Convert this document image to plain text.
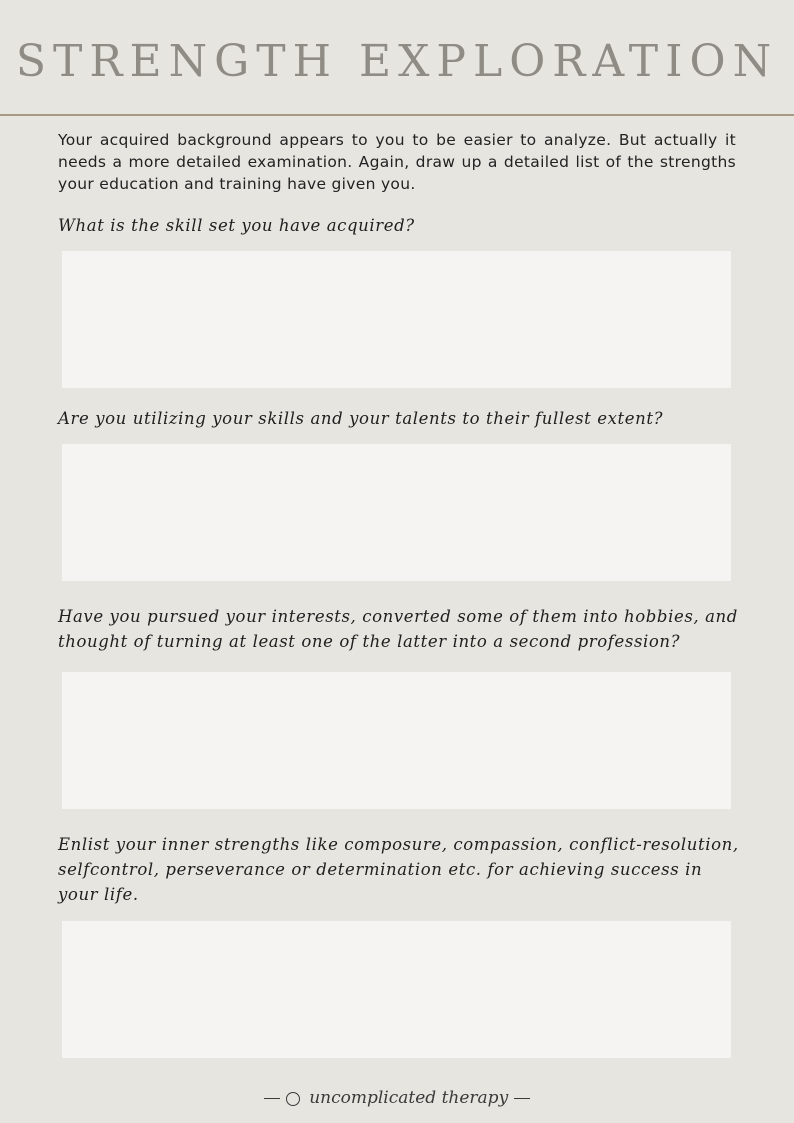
STRENGTH EXPLORATION

Your acquired background appears to you to be easier to analyze. But actually it needs a more detailed examination. Again, draw up a detailed list of the strengths your education and training have given you.

What is the skill set you have acquired?

Are you utilizing your skills and your talents to their fullest extent?

Have you pursued your interests, converted some of them into hobbies, and thought of turning at least one of the latter into a second profession?

Enlist your inner strengths like composure, compassion, conflict-resolution, selfcontrol, perseverance or determination etc. for achieving success in your life.

uncomplicated therapy
